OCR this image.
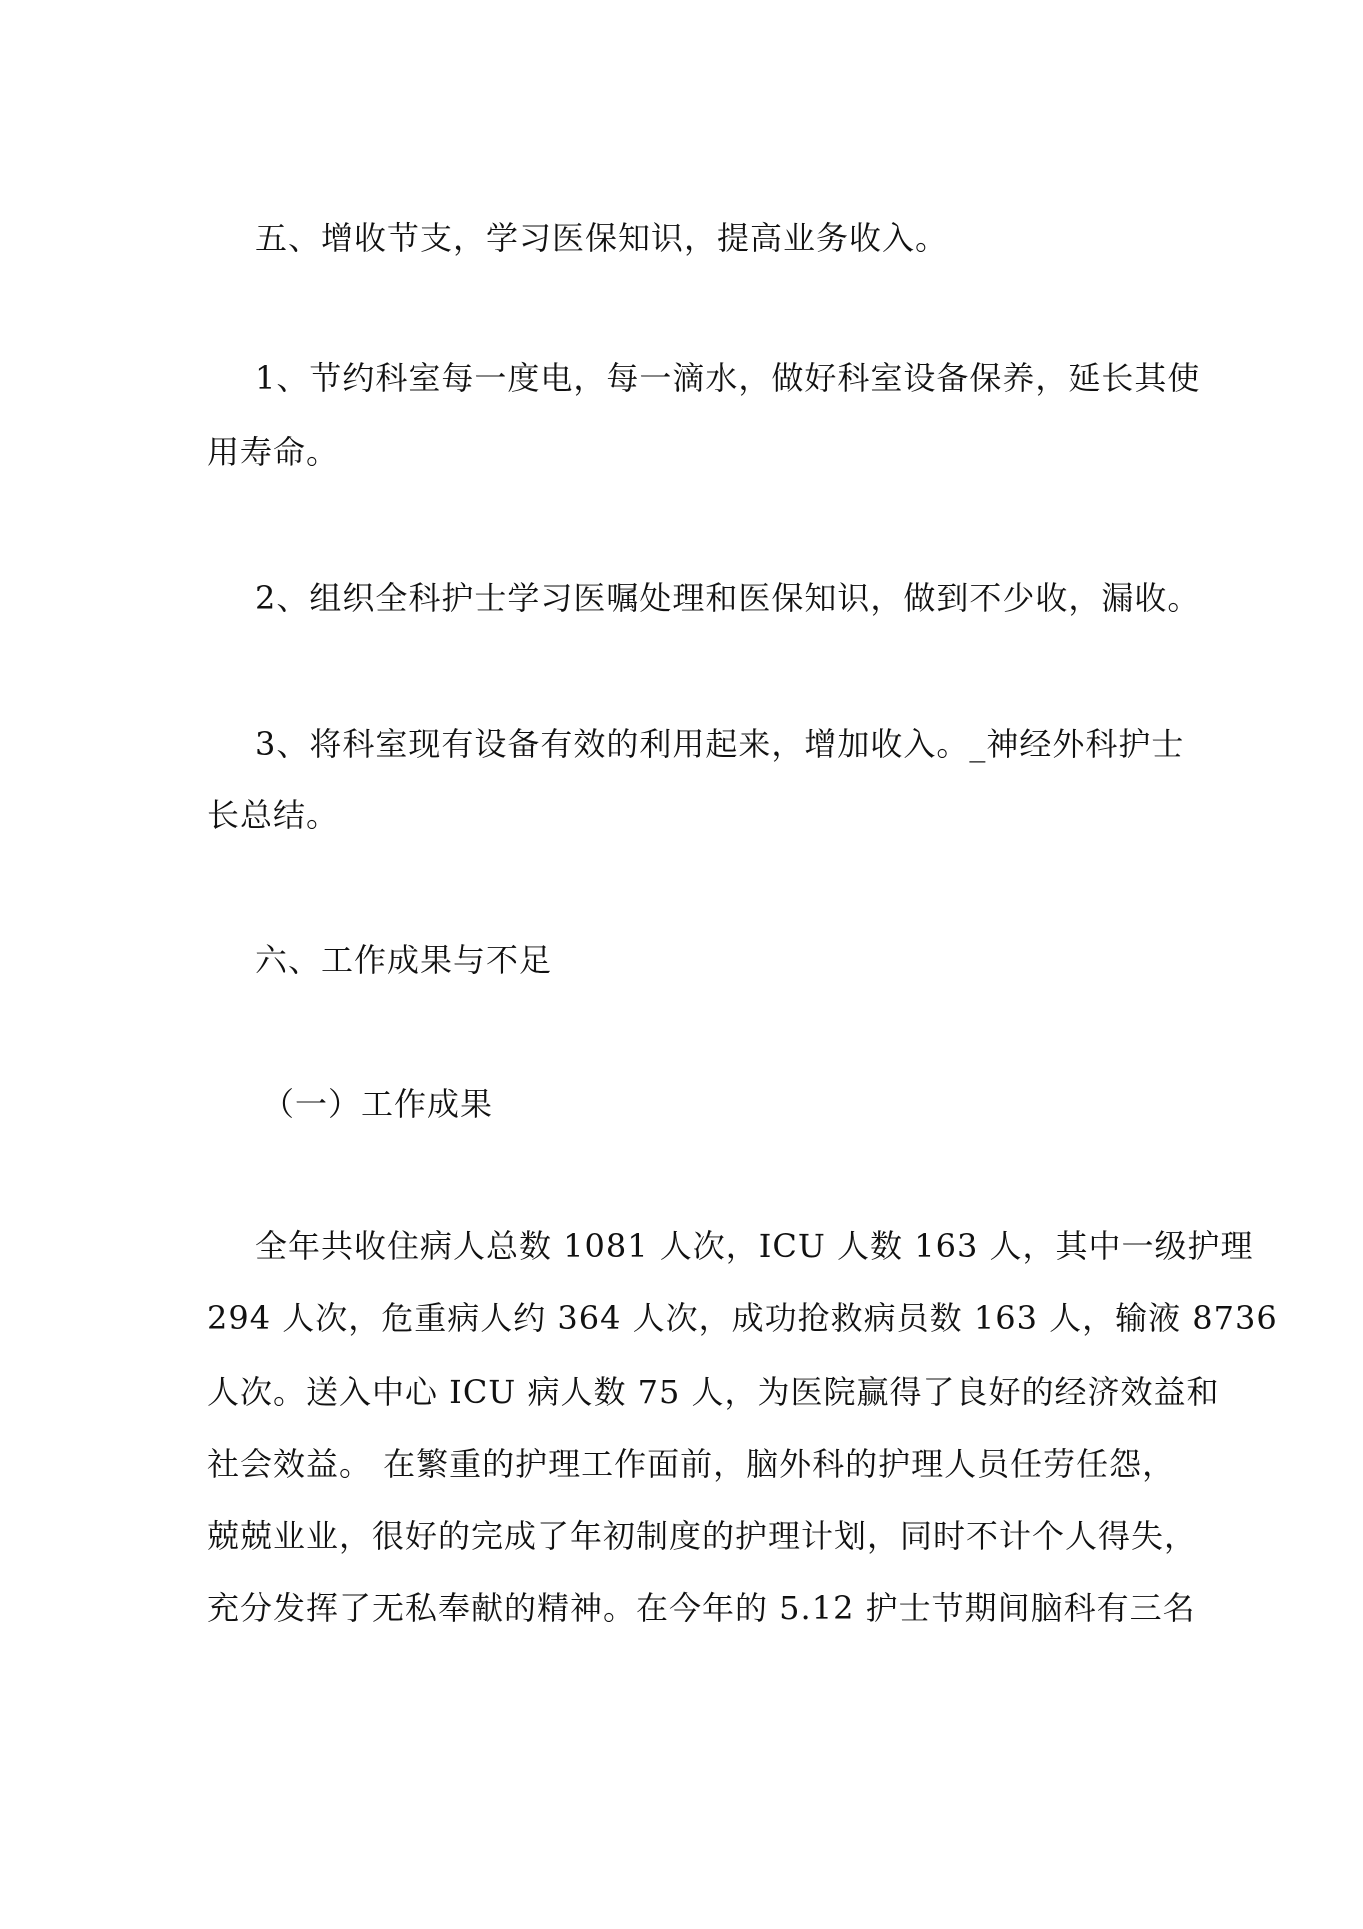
五、增收节支，学习医保知识，提高业务收入。
1、节约科室每一度电，每一滴水，做好科室设备保养，延长其使
用寿命。
2、组织全科护士学习医嘱处理和医保知识，做到不少收，漏收。
3、将科室现有设备有效的利用起来，增加收入。_神经外科护士
长总结。
六、工作成果与不足
（一）工作成果
全年共收住病人总数 1081 人次，ICU 人数 163 人，其中一级护理
294 人次，危重病人约 364 人次，成功抢救病员数 163 人，输液 8736
人次。送入中心 ICU 病人数 75 人，为医院赢得了良好的经济效益和
社会效益。 在繁重的护理工作面前，脑外科的护理人员任劳任怨，
兢兢业业，很好的完成了年初制度的护理计划，同时不计个人得失，
充分发挥了无私奉献的精神。在今年的 5.12 护士节期间脑科有三名
